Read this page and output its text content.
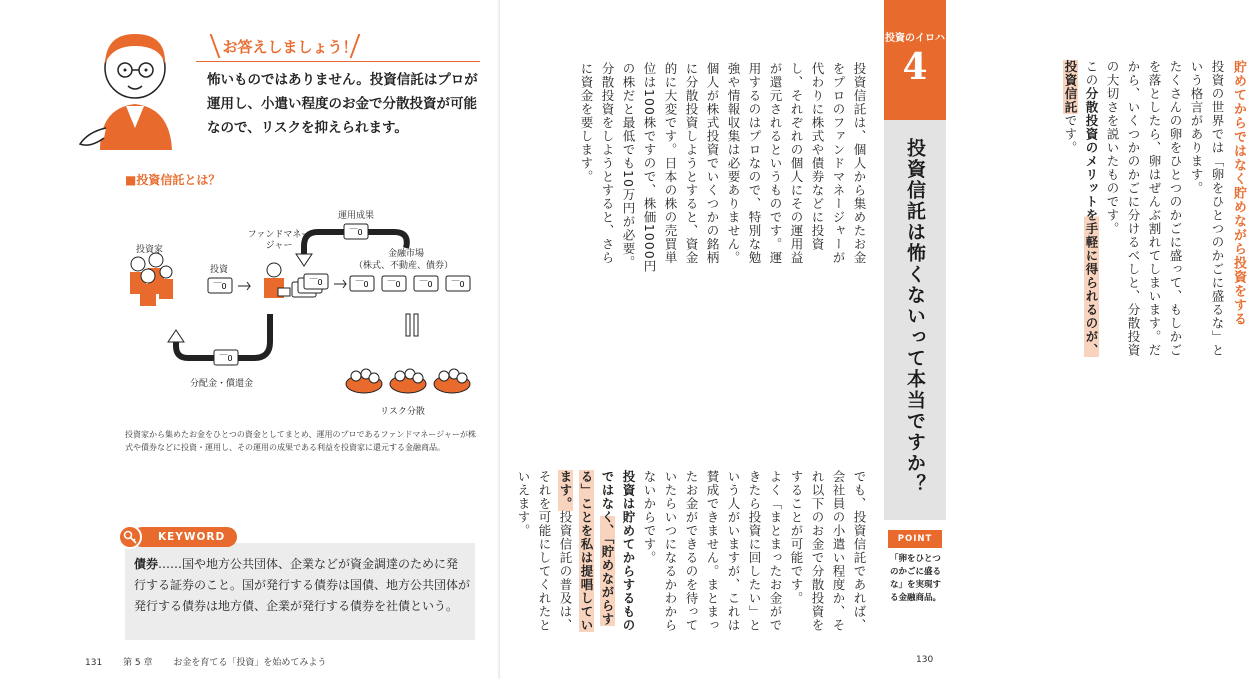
お答えしましょう！
怖いものではありません。投資信託はプロが運用し、小遣い程度のお金で分散投資が可能なので、リスクを抑えられます。
■投資信託とは？
￣0	￣0	￣0 ￣0 ￣0 ￣0
￣0
￣0
投資家
投資
ファンドマネージャー
運用成果
金融市場
（株式、不動産、債券）
分配金・償還金
リスク分散
投資家から集めたお金をひとつの資金としてまとめ、運用のプロであるファンドマネージャーが株式や債券などに投資・運用し、その運用の成果である利益を投資家に還元する金融商品。
KEYWORD
債券……国や地方公共団体、企業などが資金調達のために発行する証券のこと。国が発行する債券は国債、地方公共団体が発行する債券は地方債、企業が発行する債券を社債という。
131 第 5 章 お金を育てる「投資」を始めてみよう
貯めてからではなく貯めながら投資をする
投資の世界では「卵をひとつのかごに盛るな」という格言があります。
たくさんの卵をひとつのかごに盛って、もしかごを落としたら、卵はぜんぶ割れてしまいます。だから、いくつかのかごに分けるべしと、分散投資の大切さを説いたものです。
この分散投資のメリットを手軽に得られるのが、投資信託です。
投資信託は、個人から集めたお金をプロのファンドマネージャーが代わりに株式や債券などに投資し、それぞれの個人にその運用益が還元されるというものです。運用するのはプロなので、特別な勉強や情報収集は必要ありません。
個人が株式投資でいくつかの銘柄に分散投資しようとすると、資金的に大変です。日本の株の売買単位は100株ですので、株価1000円の株だと最低でも10万円が必要。分散投資をしようとすると、さらに資金を要します。
でも、投資信託であれば、会社員の小遣い程度か、それ以下のお金で分散投資をすることが可能です。
よく「まとまったお金ができたら投資に回したい」という人がいますが、これは賛成できません。まとまったお金ができるのを待っていたらいつになるかわからないからです。
投資は貯めてからするものではなく、「貯めながらする」ことを私は提唱しています。投資信託の普及は、それを可能にしてくれたといえます。
投資のイロハ
4
投資信託は怖くないって本当ですか？
POINT
「卵をひとつのかごに盛るな」を実現する金融商品。
130
